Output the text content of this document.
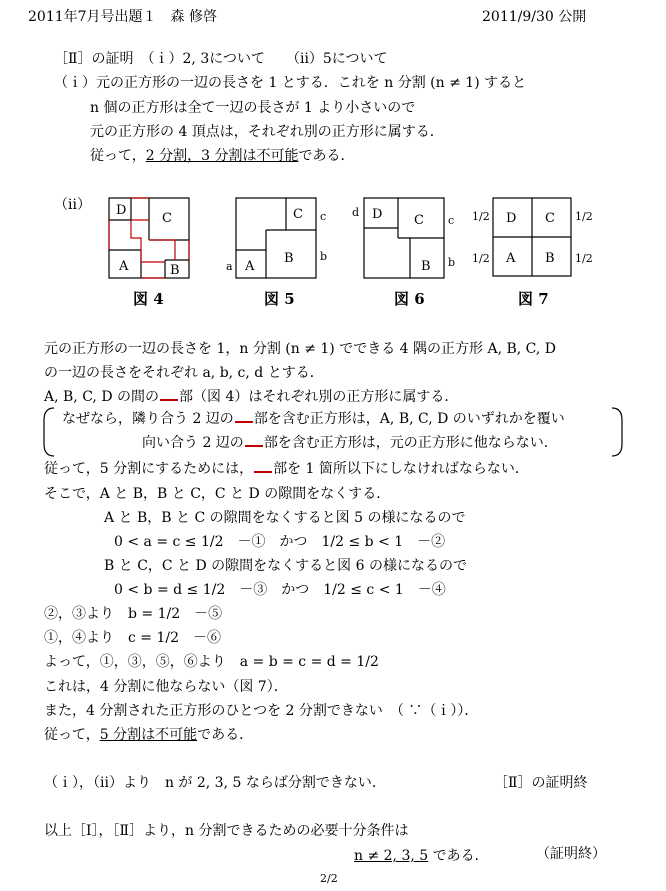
2011年7月号出題１　森 修啓	2011/9/30 公開
［Ⅱ］の証明　（ｉ）2, 3について　　（ⅱ）5について
（ｉ）元の正方形の一辺の長さを 1 とする．これを n 分割 (n ≠ 1) すると
n 個の正方形は全て一辺の長さが 1 より小さいので
元の正方形の 4 頂点は，それぞれ別の正方形に属する．
従って，2 分割，3 分割は不可能である．
（ⅱ） D
C
A	B
図 4
C
B
A
c
b
a
図 5
D C
B
d
c
b
図 6
D C
A B
1/2	1/2
1/2	1/2
図 7
元の正方形の一辺の長さを 1，n 分割 (n ≠ 1) でできる 4 隅の正方形 A, B, C, D
の一辺の長さをそれぞれ a, b, c, d とする．
A, B, C, D の間の 部（図 4）はそれぞれ別の正方形に属する．
なぜなら，隣り合う 2 辺の 部を含む正方形は，A, B, C, D のいずれかを覆い
向い合う 2 辺の 部を含む正方形は，元の正方形に他ならない．
従って，5 分割にするためには， 部を 1 箇所以下にしなければならない．
そこで，A と B，B と C，C と D の隙間をなくする．
A と B，B と C の隙間をなくすると図 5 の様になるので
0 < a = c ≤ 1/2　－①　かつ　1/2 ≤ b < 1　－②
B と C，C と D の隙間をなくすると図 6 の様になるので
0 < b = d ≤ 1/2　－③　かつ　1/2 ≤ c < 1　－④
②，③より　b = 1/2　－⑤
①，④より　c = 1/2　－⑥
よって，①，③，⑤，⑥より　a = b = c = d = 1/2
これは，4 分割に他ならない（図 7）．
また，4 分割された正方形のひとつを 2 分割できない　（ ∵（ｉ））．
従って，5 分割は不可能である．
（ｉ），（ⅱ）より　n が 2, 3, 5 ならば分割できない．	［Ⅱ］の証明終
以上［Ⅰ］，［Ⅱ］より，n 分割できるための必要十分条件は
n ≠ 2, 3, 5 である．	（証明終）
2/2
